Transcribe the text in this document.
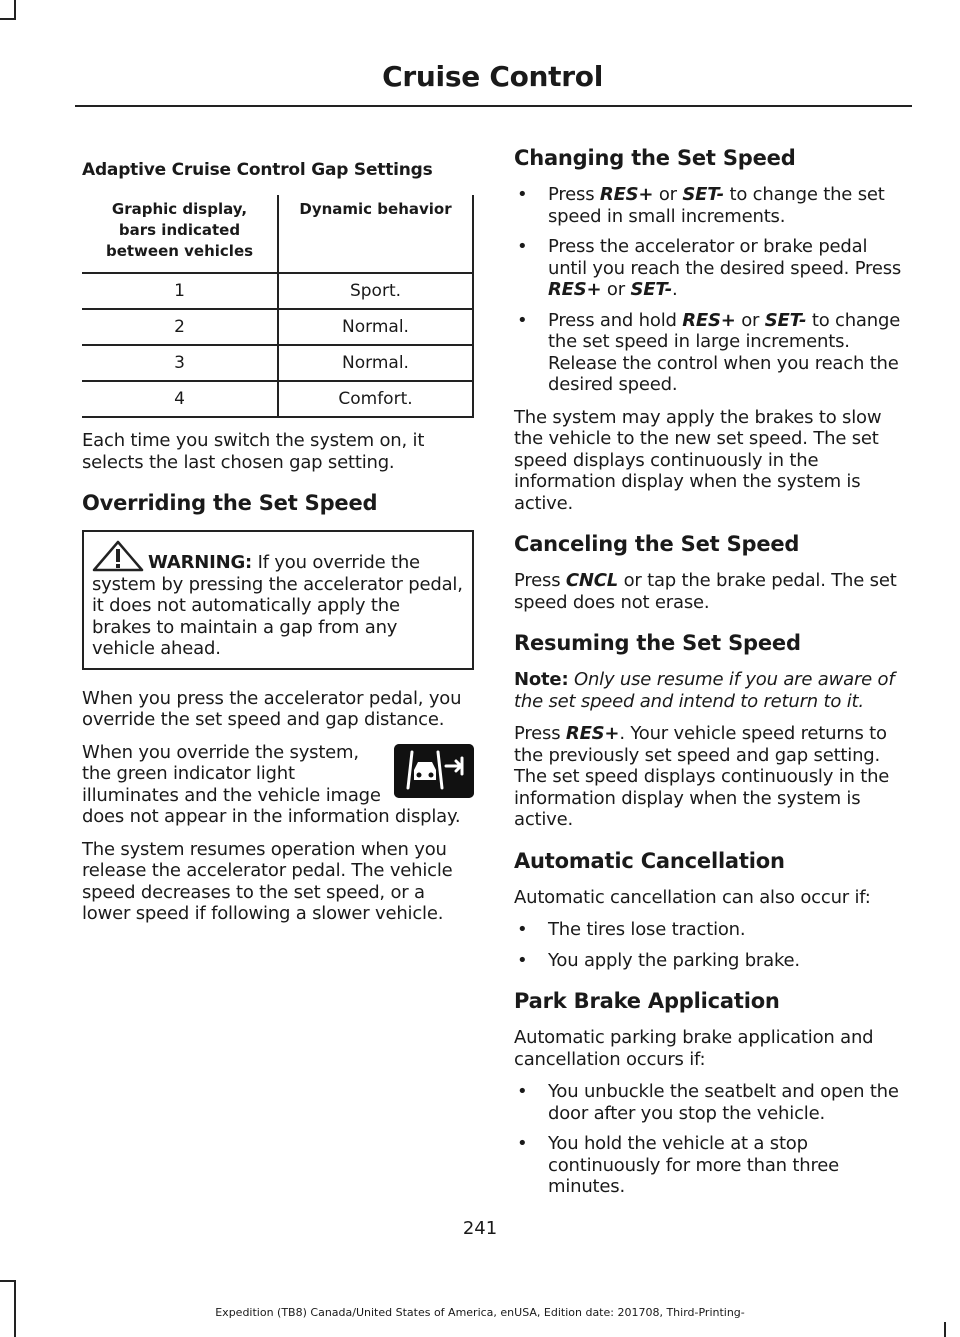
Cruise Control
Adaptive Cruise Control Gap Settings
Graphic display, bars indicated between vehicles	Dynamic behavior
1	Sport.
2	Normal.
3	Normal.
4	Comfort.

Each time you switch the system on, it selects the last chosen gap setting.

Overriding the Set Speed

WARNING: If you override the system by pressing the accelerator pedal, it does not automatically apply the brakes to maintain a gap from any vehicle ahead.

When you press the accelerator pedal, you override the set speed and gap distance.

When you override the system, the green indicator light illuminates and the vehicle image does not appear in the information display.

The system resumes operation when you release the accelerator pedal. The vehicle speed decreases to the set speed, or a lower speed if following a slower vehicle.

Changing the Set Speed
• Press RES+ or SET- to change the set speed in small increments.
• Press the accelerator or brake pedal until you reach the desired speed. Press RES+ or SET-.
• Press and hold RES+ or SET- to change the set speed in large increments. Release the control when you reach the desired speed.

The system may apply the brakes to slow the vehicle to the new set speed. The set speed displays continuously in the information display when the system is active.

Canceling the Set Speed

Press CNCL or tap the brake pedal. The set speed does not erase.

Resuming the Set Speed

Note: Only use resume if you are aware of the set speed and intend to return to it.

Press RES+. Your vehicle speed returns to the previously set speed and gap setting. The set speed displays continuously in the information display when the system is active.

Automatic Cancellation

Automatic cancellation can also occur if:

• The tires lose traction.
• You apply the parking brake.
Park Brake Application

Automatic parking brake application and cancellation occurs if:

• You unbuckle the seatbelt and open the door after you stop the vehicle.
• You hold the vehicle at a stop continuously for more than three minutes.
241
Expedition (TB8) Canada/United States of America, enUSA, Edition date: 201708, Third-Printing-
